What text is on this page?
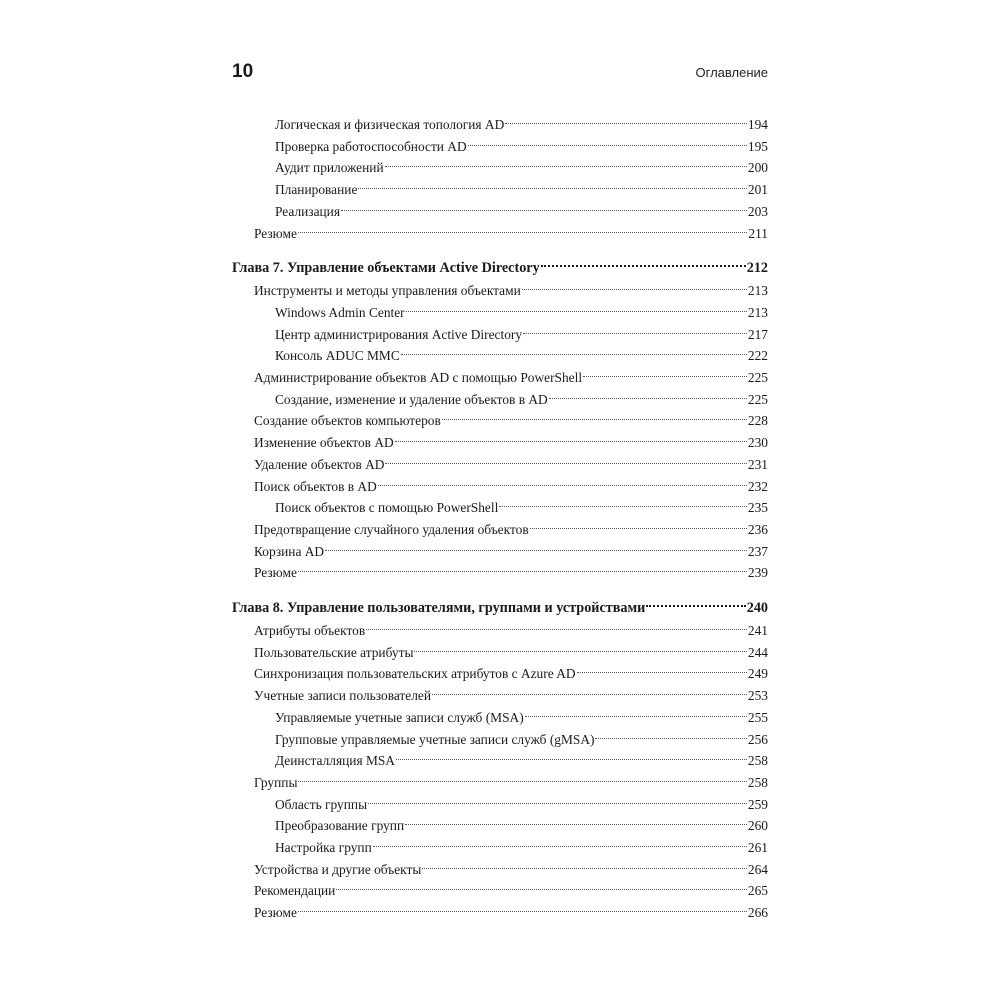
10	Оглавление
Логическая и физическая топология AD	194
Проверка работоспособности AD	195
Аудит приложений	200
Планирование	201
Реализация	203
Резюме	211
Глава 7. Управление объектами Active Directory	212
Инструменты и методы управления объектами	213
Windows Admin Center	213
Центр администрирования Active Directory	217
Консоль ADUC MMC	222
Администрирование объектов AD с помощью PowerShell	225
Создание, изменение и удаление объектов в AD	225
Создание объектов компьютеров	228
Изменение объектов AD	230
Удаление объектов AD	231
Поиск объектов в AD	232
Поиск объектов с помощью PowerShell	235
Предотвращение случайного удаления объектов	236
Корзина AD	237
Резюме	239
Глава 8. Управление пользователями, группами и устройствами	240
Атрибуты объектов	241
Пользовательские атрибуты	244
Синхронизация пользовательских атрибутов с Azure AD	249
Учетные записи пользователей	253
Управляемые учетные записи служб (MSA)	255
Групповые управляемые учетные записи служб (gMSA)	256
Деинсталляция MSA	258
Группы	258
Область группы	259
Преобразование групп	260
Настройка групп	261
Устройства и другие объекты	264
Рекомендации	265
Резюме	266
